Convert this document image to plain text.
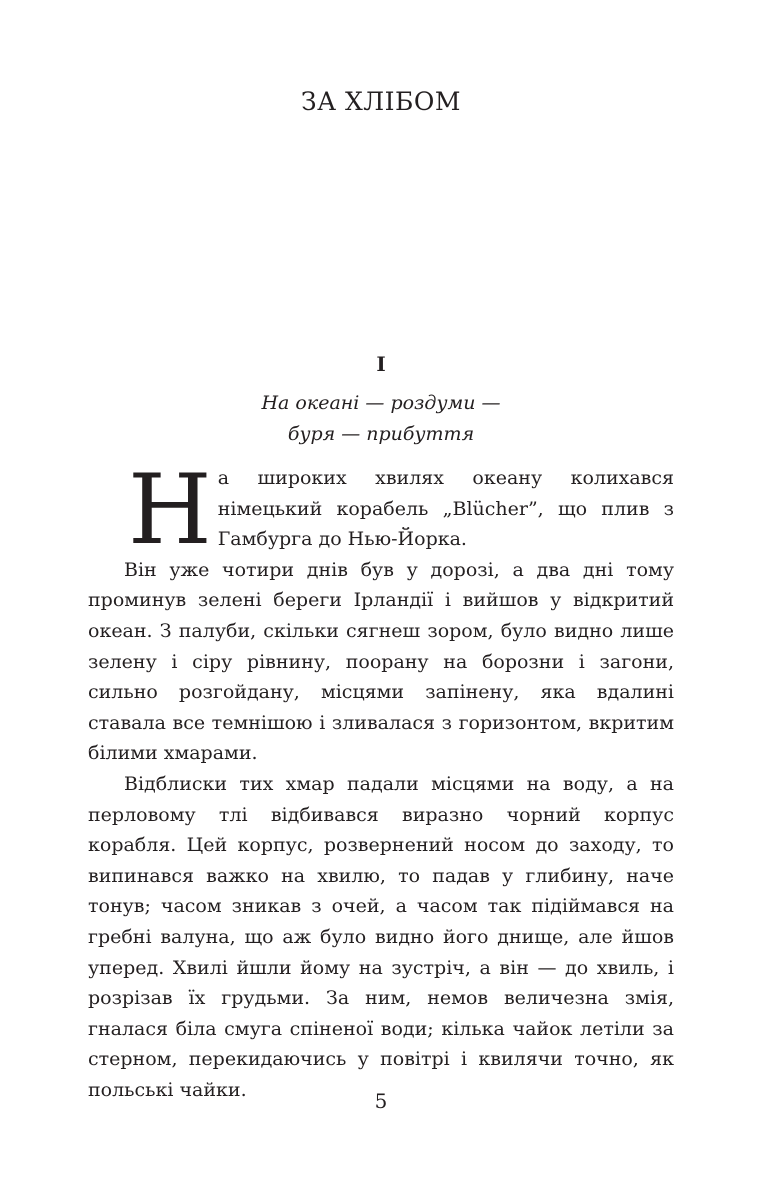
ЗА ХЛІБОМ
I
На океані — роздуми —
буря — прибуття

На широких хвилях океану колихався німецький корабель „Blücher”, що плив з Гамбурга до Нью-Йорка.

Він уже чотири днів був у дорозі, а два дні тому проминув зелені береги Ірландії і вийшов у відкритий океан. З палуби, скільки сягнеш зором, було видно лише зелену і сіру рівнину, поорану на борозни і загони, сильно розгойдану, місцями запінену, яка вдалині ставала все темнішою і зливалася з горизонтом, вкритим білими хмарами.

Відблиски тих хмар падали місцями на воду, а на перловому тлі відбивався виразно чорний корпус корабля. Цей корпус, розвернений носом до заходу, то випинався важко на хвилю, то падав у глибину, наче тонув; часом зникав з очей, а часом так підіймався на гребні валуна, що аж було видно його днище, але йшов уперед. Хвилі йшли йому на зустріч, а він — до хвиль, і розрізав їх грудьми. За ним, немов величезна змія, гналася біла смуга спіненої води; кілька чайок летіли за стерном, перекидаючись у повітрі і квилячи точно, як польські чайки.	5
